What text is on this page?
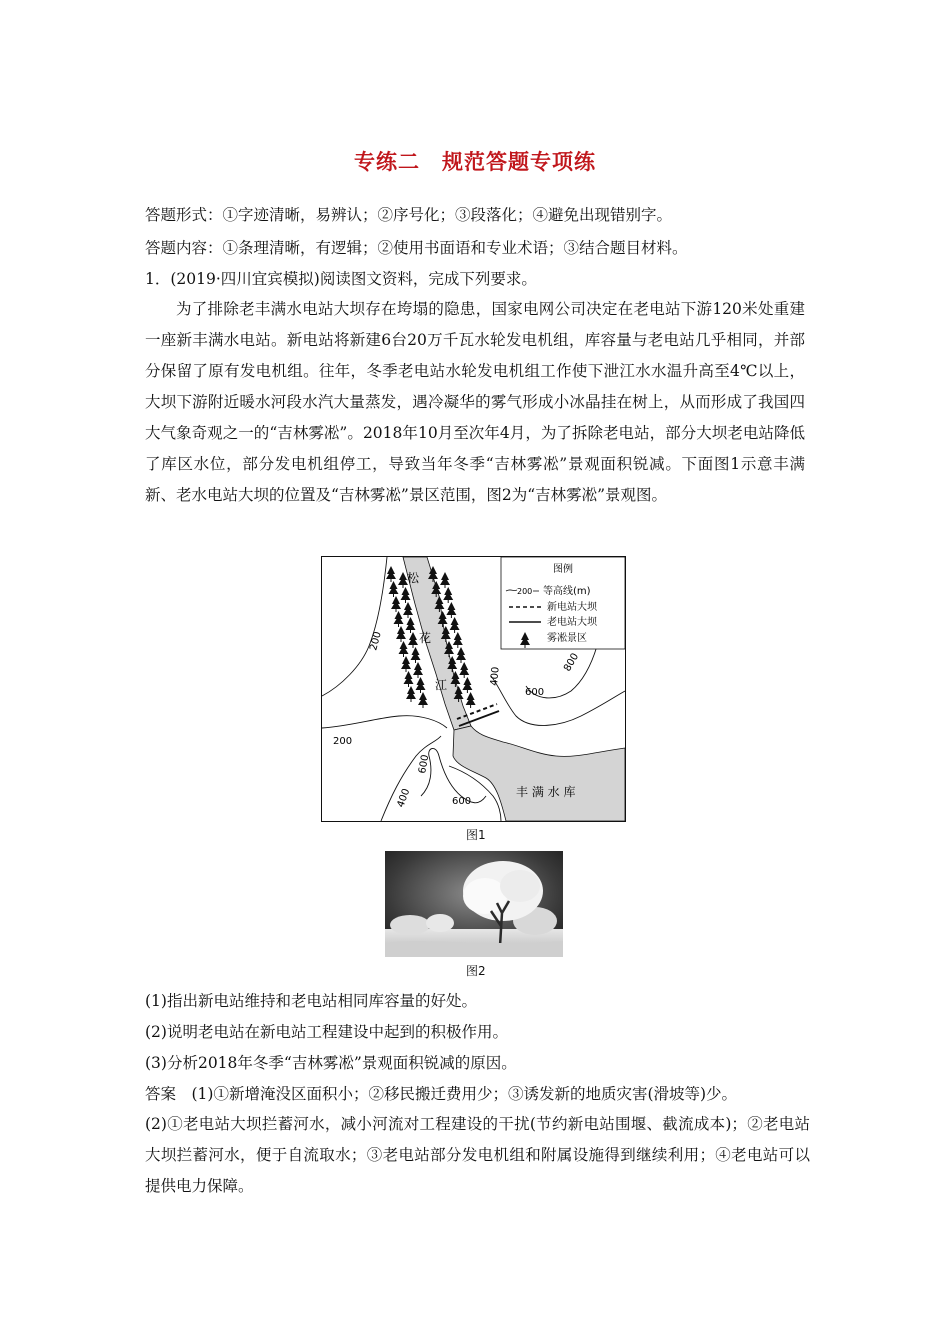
专练二　规范答题专项练
答题形式：①字迹清晰，易辨认；②序号化；③段落化；④避免出现错别字。
答题内容：①条理清晰，有逻辑；②使用书面语和专业术语；③结合题目材料。
1．(2019·四川宜宾模拟)阅读图文资料，完成下列要求。

为了排除老丰满水电站大坝存在垮塌的隐患，国家电网公司决定在老电站下游120米处重建一座新丰满水电站。新电站将新建6台20万千瓦水轮发电机组，库容量与老电站几乎相同，并部分保留了原有发电机组。往年，冬季老电站水轮发电机组工作使下泄江水水温升高至4℃以上，大坝下游附近暖水河段水汽大量蒸发，遇冷凝华的雾气形成小冰晶挂在树上，从而形成了我国四大气象奇观之一的“吉林雾凇”。2018年10月至次年4月，为了拆除老电站，部分大坝老电站降低了库区水位，部分发电机组停工，导致当年冬季“吉林雾凇”景观面积锐减。下面图1示意丰满新、老水电站大坝的位置及“吉林雾凇”景区范围，图2为“吉林雾凇”景观图。

200
200
400
600
400
600
600
800
松
花
江
丰 满 水 库
图例
200 等高线(m)
新电站大坝
老电站大坝
雾凇景区
图1
图2
(1)指出新电站维持和老电站相同库容量的好处。
(2)说明老电站在新电站工程建设中起到的积极作用。
(3)分析2018年冬季“吉林雾凇”景观面积锐减的原因。
答案　(1)①新增淹没区面积小；②移民搬迁费用少；③诱发新的地质灾害(滑坡等)少。

(2)①老电站大坝拦蓄河水，减小河流对工程建设的干扰(节约新电站围堰、截流成本)；②老电站大坝拦蓄河水，便于自流取水；③老电站部分发电机组和附属设施得到继续利用；④老电站可以提供电力保障。
